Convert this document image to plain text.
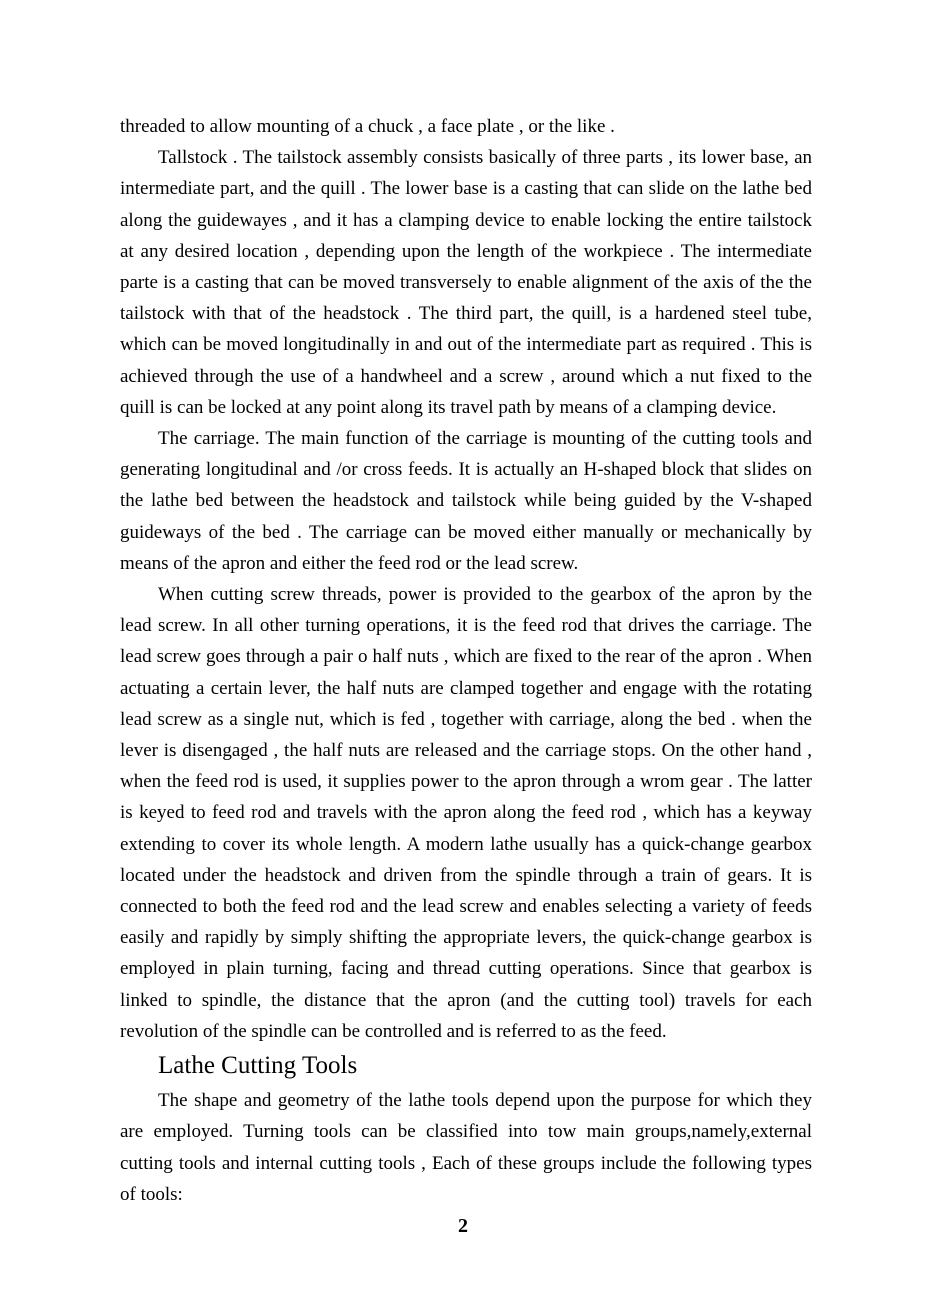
threaded to allow mounting of a chuck , a face plate , or the like .

Tallstock . The tailstock assembly consists basically of three parts , its lower base, an intermediate part, and the quill . The lower base is a casting that can slide on the lathe bed along the guidewayes , and it has a clamping device to enable locking the entire tailstock at any desired location , depending upon the length of the workpiece . The intermediate parte is a casting that can be moved transversely to enable alignment of the axis of the the tailstock with that of the headstock . The third part, the quill, is a hardened steel tube, which can be moved longitudinally in and out of the intermediate part as required . This is achieved through the use of a handwheel and a screw , around which a nut fixed to the quill is can be locked at any point along its travel path by means of a clamping device.

The carriage. The main function of the carriage is mounting of the cutting tools and generating longitudinal and /or cross feeds. It is actually an H-shaped block that slides on the lathe bed between the headstock and tailstock while being guided by the V-shaped guideways of the bed . The carriage can be moved either manually or mechanically by means of the apron and either the feed rod or the lead screw.

When cutting screw threads, power is provided to the gearbox of the apron by the lead screw. In all other turning operations, it is the feed rod that drives the carriage. The lead screw goes through a pair o half nuts , which are fixed to the rear of the apron . When actuating a certain lever, the half nuts are clamped together and engage with the rotating lead screw as a single nut, which is fed , together with carriage, along the bed . when the lever is disengaged , the half nuts are released and the carriage stops. On the other hand , when the feed rod is used, it supplies power to the apron through a wrom gear . The latter is keyed to feed rod and travels with the apron along the feed rod , which has a keyway extending to cover its whole length. A modern lathe usually has a quick-change gearbox located under the headstock and driven from the spindle through a train of gears. It is connected to both the feed rod and the lead screw and enables selecting a variety of feeds easily and rapidly by simply shifting the appropriate levers, the quick-change gearbox is employed in plain turning, facing and thread cutting operations. Since that gearbox is linked to spindle, the distance that the apron (and the cutting tool) travels for each revolution of the spindle can be controlled and is referred to as the feed.

Lathe Cutting Tools

The shape and geometry of the lathe tools depend upon the purpose for which they are employed. Turning tools can be classified into tow main groups,namely,external cutting tools and internal cutting tools , Each of these groups include the following types of tools:

2
